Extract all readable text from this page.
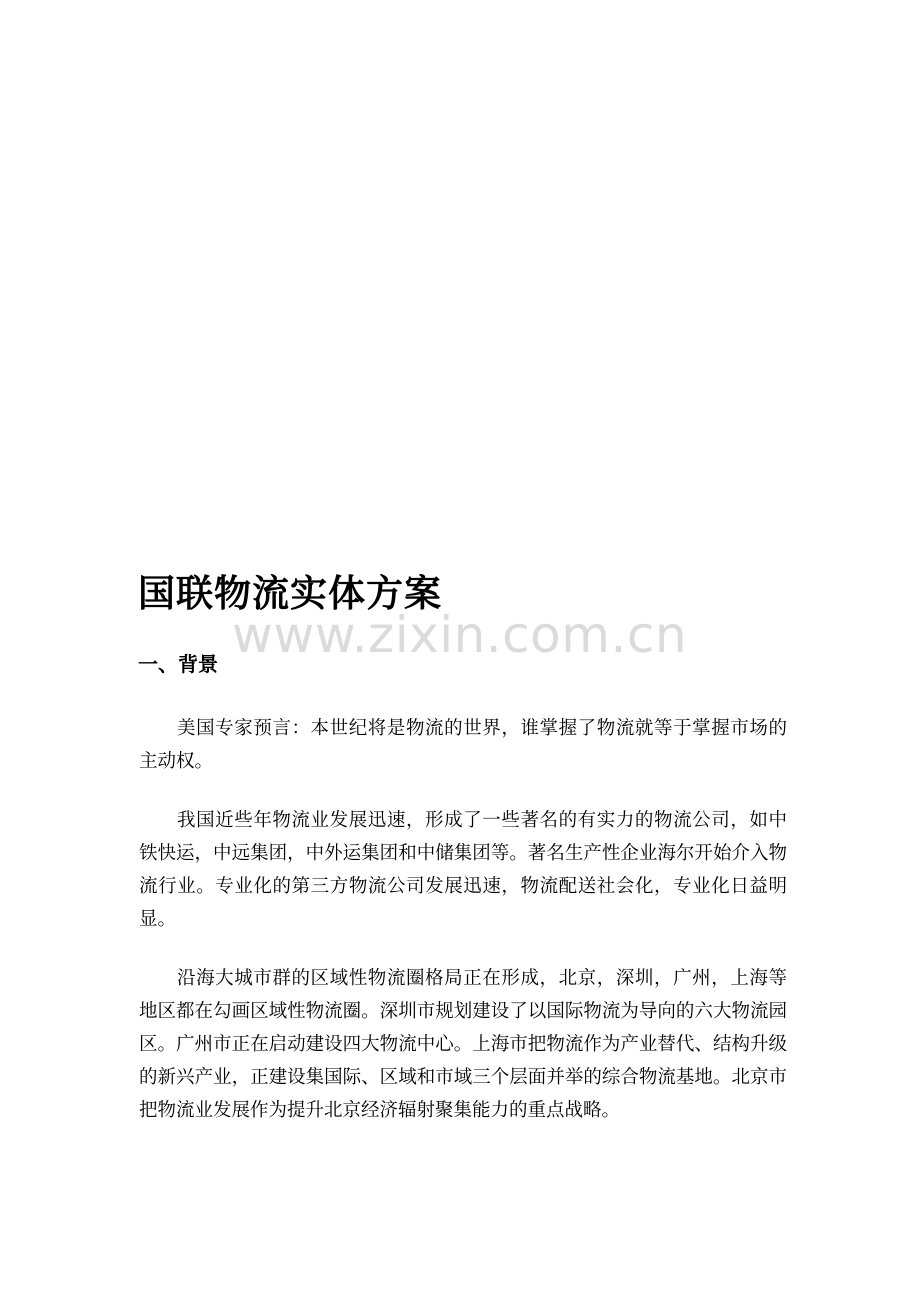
国联物流实体方案
www.zixin.com.cn
一、背景

美国专家预言：本世纪将是物流的世界，谁掌握了物流就等于掌握市场的主动权。

我国近些年物流业发展迅速，形成了一些著名的有实力的物流公司，如中铁快运，中远集团，中外运集团和中储集团等。著名生产性企业海尔开始介入物流行业。专业化的第三方物流公司发展迅速，物流配送社会化，专业化日益明显。

沿海大城市群的区域性物流圈格局正在形成，北京，深圳，广州，上海等地区都在勾画区域性物流圈。深圳市规划建设了以国际物流为导向的六大物流园区。广州市正在启动建设四大物流中心。上海市把物流作为产业替代、结构升级的新兴产业，正建设集国际、区域和市域三个层面并举的综合物流基地。北京市把物流业发展作为提升北京经济辐射聚集能力的重点战略。
